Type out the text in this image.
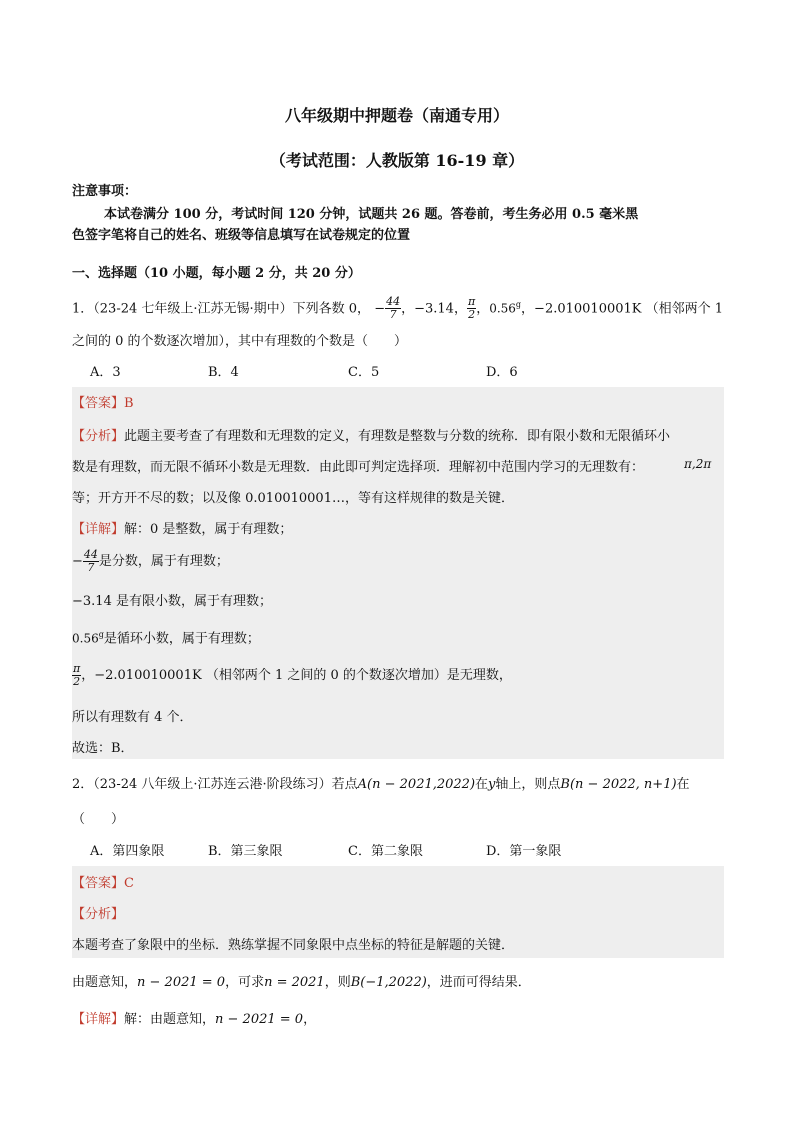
八年级期中押题卷（南通专用）
（考试范围：人教版第 16-19 章）
注意事项：
本试卷满分 100 分，考试时间 120 分钟，试题共 26 题。答卷前，考生务必用 0.5 毫米黑
色签字笔将自己的姓名、班级等信息填写在试卷规定的位置
一、选择题（10 小题，每小题 2 分，共 20 分）
1．（23-24 七年级上·江苏无锡·期中）下列各数 0， − $\frac{44}{7}$ ，−3.14， $\frac{\pi}{2}$ ，0.56$^g$，−2.010010001K （相邻两个 1
之间的 0 的个数逐次增加），其中有理数的个数是（　　）
A．3	B．4	C．5	D．6
【答案】B
【分析】此题主要考查了有理数和无理数的定义，有理数是整数与分数的统称．即有限小数和无限循环小
数是有理数，而无限不循环小数是无理数．由此即可判定选择项．理解初中范围内学习的无理数有：	π,2π
等；开方开不尽的数；以及像 0.010010001…，等有这样规律的数是关键．
【详解】解：0 是整数，属于有理数；
− $\frac{44}{7}$ 是分数，属于有理数；
−3.14 是有限小数，属于有理数；
0.56$^g$是循环小数，属于有理数；
$\frac{\pi}{2}$ ，−2.010010001K （相邻两个 1 之间的 0 的个数逐次增加）是无理数，
所以有理数有 4 个．
故选：B．
2．（23-24 八年级上·江苏连云港·阶段练习）若点A(n − 2021,2022)在y轴上，则点B(n − 2022, n+1)在
（　　）
A．第四象限	B．第三象限	C．第二象限	D．第一象限
【答案】C
【分析】
本题考查了象限中的坐标．熟练掌握不同象限中点坐标的特征是解题的关键．
由题意知，n − 2021 = 0，可求n = 2021，则B(−1,2022)，进而可得结果．
【详解】解：由题意知，n − 2021 = 0，
